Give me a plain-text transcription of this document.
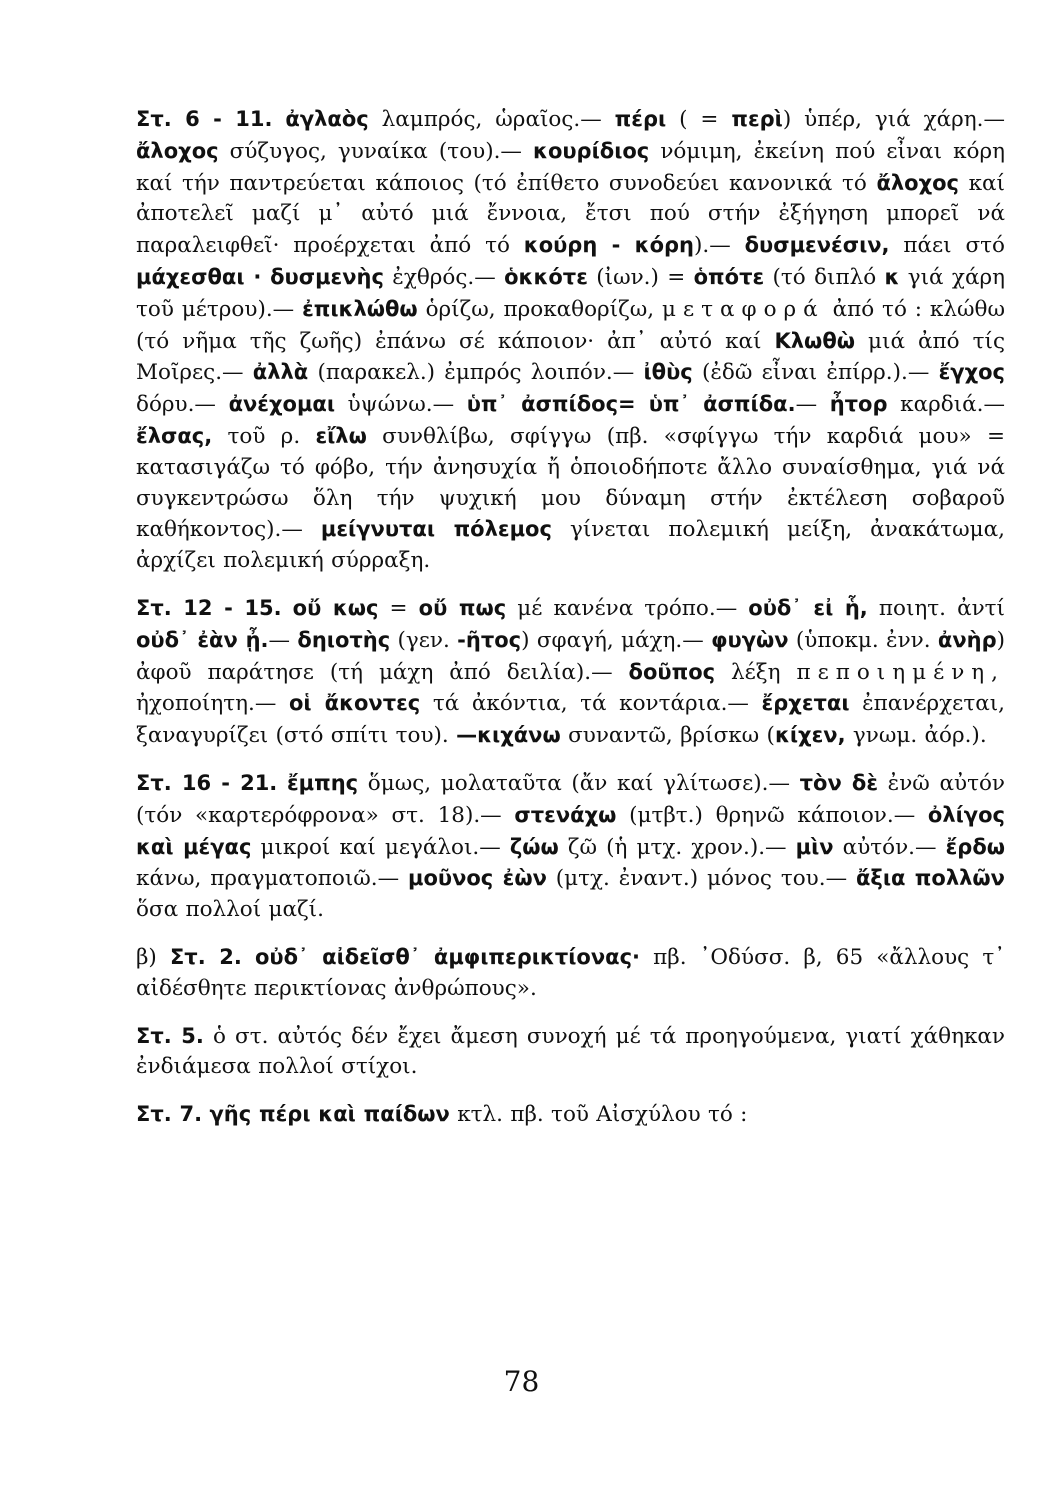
Στ. 6 - 11. ἀγλαὸς λαμπρός, ὡραῖος.— πέρι ( = περὶ) ὑπέρ, γιά χάρη.— ἄλοχος σύζυγος, γυναίκα (του).— κουρίδιος νόμιμη, ἐκείνη πού εἶναι κόρη καί τήν παντρεύεται κάποιος (τό ἐπίθετο συνοδεύει κανονικά τό ἄλοχος καί ἀποτελεῖ μαζί μ᾽ αὐτό μιά ἔννοια, ἔτσι πού στήν ἐξήγηση μπορεῖ νά παραλειφθεῖ· προέρχεται ἀπό τό κούρη - κόρη).— δυσμενέσιν, πάει στό μάχεσθαι · δυσμενὴς ἐχθρός.— ὁκκότε (ἰων.) = ὁπότε (τό διπλό κ γιά χάρη τοῦ μέτρου).— ἐπικλώθω ὁρίζω, προκαθορίζω, μεταφορά ἀπό τό : κλώθω (τό νῆμα τῆς ζωῆς) ἐπάνω σέ κάποιον· ἀπ᾽ αὐτό καί Κλωθὼ μιά ἀπό τίς Μοῖρες.— ἀλλὰ (παρακελ.) ἐμπρός λοιπόν.— ἰθὺς (ἐδῶ εἶναι ἐπίρρ.).— ἔγχος δόρυ.— ἀνέχομαι ὑψώνω.— ὑπ᾽ ἀσπίδος= ὑπ᾽ ἀσπίδα.— ἦτορ καρδιά.— ἔλσας, τοῦ ρ. εἴλω συνθλίβω, σφίγγω (πβ. «σφίγγω τήν καρδιά μου» = κατασιγάζω τό φόβο, τήν ἀνησυχία ἤ ὁποιοδήποτε ἄλλο συναίσθημα, γιά νά συγκεντρώσω ὅλη τήν ψυχική μου δύναμη στήν ἐκτέλεση σοβαροῦ καθήκοντος).— μείγνυται πόλεμος γίνεται πολεμική μείξη, ἀνακάτωμα, ἀρχίζει πολεμική σύρραξη.

Στ. 12 - 15. οὔ κως = οὔ πως μέ κανένα τρόπο.— οὐδ᾽ εἰ ἧ, ποιητ. ἀντί οὐδ᾽ ἐὰν ᾖ.— δηιοτὴς (γεν. -ῆτος) σφαγή, μάχη.— φυγὼν (ὑποκμ. ἐνν. ἀνὴρ) ἀφοῦ παράτησε (τή μάχη ἀπό δειλία).— δοῦπος λέξη πεποιημένη, ἠχοποίητη.— οἱ ἄκοντες τά ἀκόντια, τά κοντάρια.— ἔρχεται ἐπανέρχεται, ξαναγυρίζει (στό σπίτι του). —κιχάνω συναντῶ, βρίσκω (κίχεν, γνωμ. ἀόρ.).

Στ. 16 - 21. ἔμπης ὅμως, μολαταῦτα (ἄν καί γλίτωσε).— τὸν δὲ ἐνῶ αὐτόν (τόν «καρτερόφρονα» στ. 18).— στενάχω (μτβτ.) θρηνῶ κάποιον.— ὀλίγος καὶ μέγας μικροί καί μεγάλοι.— ζώω ζῶ (ἡ μτχ. χρον.).— μὶν αὐτόν.— ἔρδω κάνω, πραγματοποιῶ.— μοῦνος ἐὼν (μτχ. ἐναντ.) μόνος του.— ἄξια πολλῶν ὅσα πολλοί μαζί.

β) Στ. 2. οὐδ᾽ αἰδεῖσθ᾽ ἀμφιπερικτίονας· πβ. ᾿Οδύσσ. β, 65 «ἄλλους τ᾽ αἰδέσθητε περικτίονας ἀνθρώπους».

Στ. 5. ὁ στ. αὐτός δέν ἔχει ἄμεση συνοχή μέ τά προηγούμενα, γιατί χάθηκαν ἐνδιάμεσα πολλοί στίχοι.

Στ. 7. γῆς πέρι καὶ παίδων κτλ. πβ. τοῦ Αἰσχύλου τό :

78
